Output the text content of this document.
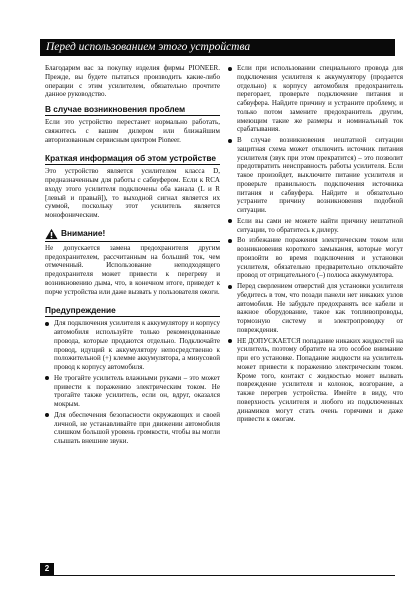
Перед использованием этого устройства

Благодарим вас за покупку изделия фирмы PIONEER. Прежде, вы будете пытаться производить какие-либо операции с этим усилителем, обязательно прочтите данное руководство.

В случае возникновения проблем

Если это устройство перестанет нормально работать, свяжитесь с вашим дилером или ближайшим авторизованным сервисным центром Pioneer.

Краткая информация об этом устройстве

Это устройство является усилителем класса D, предназначенным для работы с сабвуфером. Если к RCA входу этого усилителя подключены оба канала (L и R [левый и правый]), то выходной сигнал является их суммой, поскольку этот усилитель является монофоническим.

Внимание!

Не допускается замена предохранителя другим предохранителем, рассчитанным на больший ток, чем отмеченный. Использование неподходящего предохранителя может привести к перегреву и возникновению дыма, что, в конечном итоге, приведет к порче устройства или даже вызвать у пользователя ожоги.

Предупреждение
Для подключения усилителя к аккумулятору и корпусу автомобиля используйте только рекомендованные провода, которые продаются отдельно. Подключайте провод, идущий к аккумулятору непосредственно к положительной (+) клемме аккумулятора, а минусовой провод к корпусу автомобиля.
Не трогайте усилитель влажными руками – это может привести к поражению электрическим током. Не трогайте также усилитель, если он, вдруг, оказался мокрым.
Для обеспечения безопасности окружающих и своей личной, не устанавливайте при движении автомобиля слишком большой уровень громкости, чтобы вы могли слышать внешние звуки.
Если при использовании специального провода для подключения усилителя к аккумулятору (продается отдельно) к корпусу автомобиля предохранитель перегорает, проверьте подключение питания и сабвуфера. Найдите причину и устраните проблему, и только потом замените предохранитель другим, имеющим такие же размеры и номинальный ток срабатывания.
В случае возникновения нештатной ситуации защитная схема может отключить источник питания усилителя (звук при этом прекратится) – это позволит предотвратить неисправность работы усилителя. Если такое произойдет, выключите питание усилителя и проверьте правильность подключения источника питания и сабвуфера. Найдите и обязательно устраните причину возникновения подобной ситуации.
Если вы сами не можете найти причину нештатной ситуации, то обратитесь к дилеру.
Во избежание поражения электрическим током или возникновения короткого замыкания, которые могут произойти во время подключения и установки усилителя, обязательно предварительно отключайте провод от отрицательного (–) полюса аккумулятора.
Перед сверлением отверстий для установки усилителя убедитесь в том, что позади панели нет никаких узлов автомобиля. Не забудьте предохранять все кабели и важное оборудование, такое как топливопроводы, тормозную систему и электропроводку от повреждения.
НЕ ДОПУСКАЕТСЯ попадание никаких жидкостей на усилитель, поэтому обратите на это особое внимание при его установке. Попадание жидкости на усилитель может привести к поражению электрическим током. Кроме того, контакт с жидкостью может вызвать повреждение усилителя и колонок, возгорание, а также перегрев устройства. Имейте в виду, что поверхность усилителя и любого из подключенных динамиков могут стать очень горячими и даже привести к ожогам.
2
